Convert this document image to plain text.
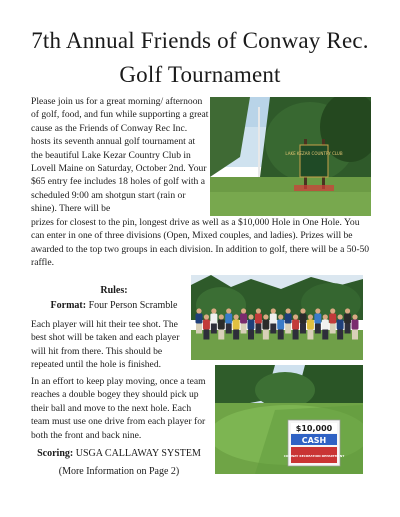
7th Annual Friends of Conway Rec.
Golf Tournament

Please join us for a great morning/ afternoon of golf, food, and fun while supporting a great cause as the Friends of Conway Rec Inc. hosts its seventh annual golf tournament at the beautiful Lake Kezar Country Club in Lovell Maine on Saturday, October 2nd. Your $65 entry fee includes 18 holes of golf with a scheduled 9:00 am shotgun start (rain or shine). There will be

prizes for closest to the pin, longest drive as well as a $10,000 Hole in One Hole. You can enter in one of three divisions (Open, Mixed couples, and ladies). Prizes will be awarded to the top two groups in each division. In addition to golf, there will be a 50-50 raffle.

Rules:
Format: Four Person Scramble

Each player will hit their tee shot. The best shot will be taken and each player will hit from there. This should be repeated until the hole is finished.

In an effort to keep play moving, once a team reaches a double bogey they should pick up their ball and move to the next hole. Each team must use one drive from each player for both the front and back nine.

Scoring: USGA CALLAWAY SYSTEM
(More Information on Page 2)
LAKE KEZAR COUNTRY CLUB
$10,000
CASH
CONWAY RECREATION DEPARTMENT
